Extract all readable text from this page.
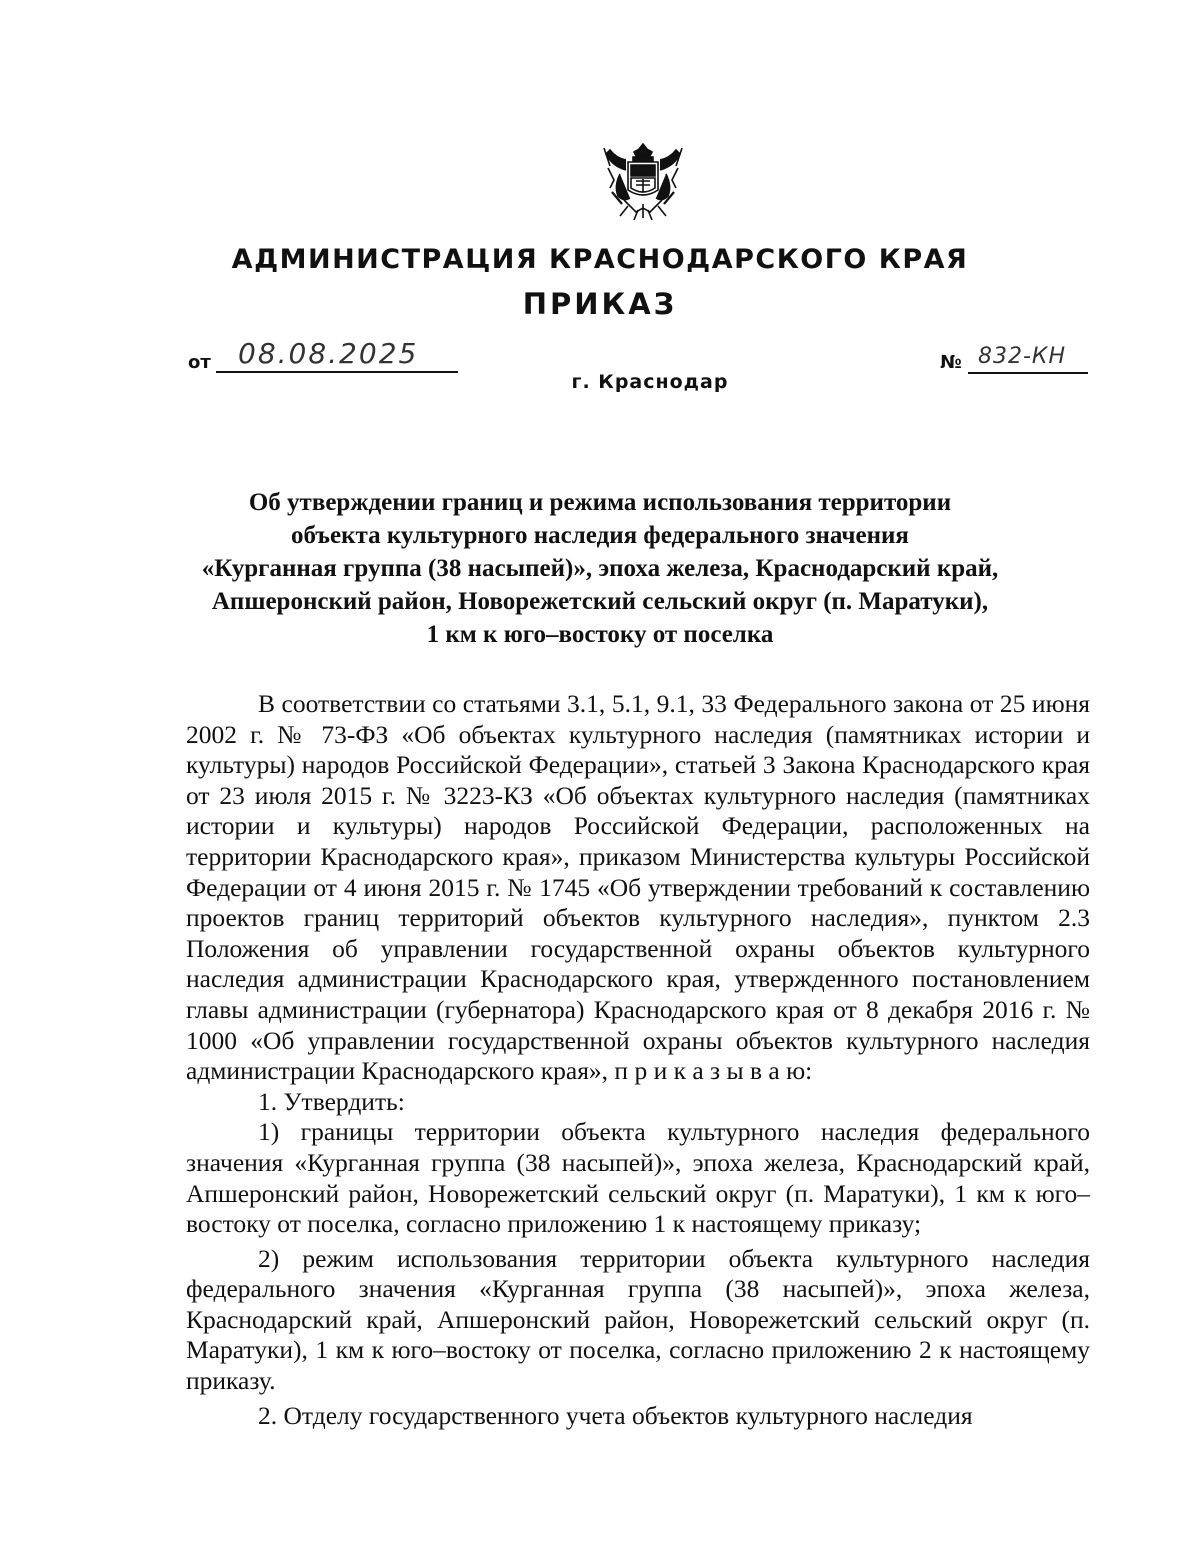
АДМИНИСТРАЦИЯ КРАСНОДАРСКОГО КРАЯ
ПРИКАЗ
от 08.08.2025	№ 832-КН
г. Краснодар
Об утверждении границ и режима использования территории
объекта культурного наследия федерального значения
«Курганная группа (38 насыпей)», эпоха железа, Краснодарский край,
Апшеронский район, Новорежетский сельский округ (п. Маратуки),
1 км к юго–востоку от поселка

В соответствии со статьями 3.1, 5.1, 9.1, 33 Федерального закона от 25 июня 2002 г. № 73-ФЗ «Об объектах культурного наследия (памятниках истории и культуры) народов Российской Федерации», статьей 3 Закона Краснодарского края от 23 июля 2015 г. № 3223-КЗ «Об объектах культурного наследия (памятниках истории и культуры) народов Российской Федерации, расположенных на территории Краснодарского края», приказом Министерства культуры Российской Федерации от 4 июня 2015 г. № 1745 «Об утверждении требований к составлению проектов границ территорий объектов культурного наследия», пунктом 2.3 Положения об управлении государственной охраны объектов культурного наследия администрации Краснодарского края, утвержденного постановлением главы администрации (губернатора) Краснодарского края от 8 декабря 2016 г. № 1000 «Об управлении государственной охраны объектов культурного наследия администрации Краснодарского края», п р и к а з ы в а ю:

1. Утвердить:

1) границы территории объекта культурного наследия федерального значения «Курганная группа (38 насыпей)», эпоха железа, Краснодарский край, Апшеронский район, Новорежетский сельский округ (п. Маратуки), 1 км к юго–востоку от поселка, согласно приложению 1 к настоящему приказу;

2) режим использования территории объекта культурного наследия федерального значения «Курганная группа (38 насыпей)», эпоха железа, Краснодарский край, Апшеронский район, Новорежетский сельский округ (п. Маратуки), 1 км к юго–востоку от поселка, согласно приложению 2 к настоящему приказу.

2. Отделу государственного учета объектов культурного наследия
